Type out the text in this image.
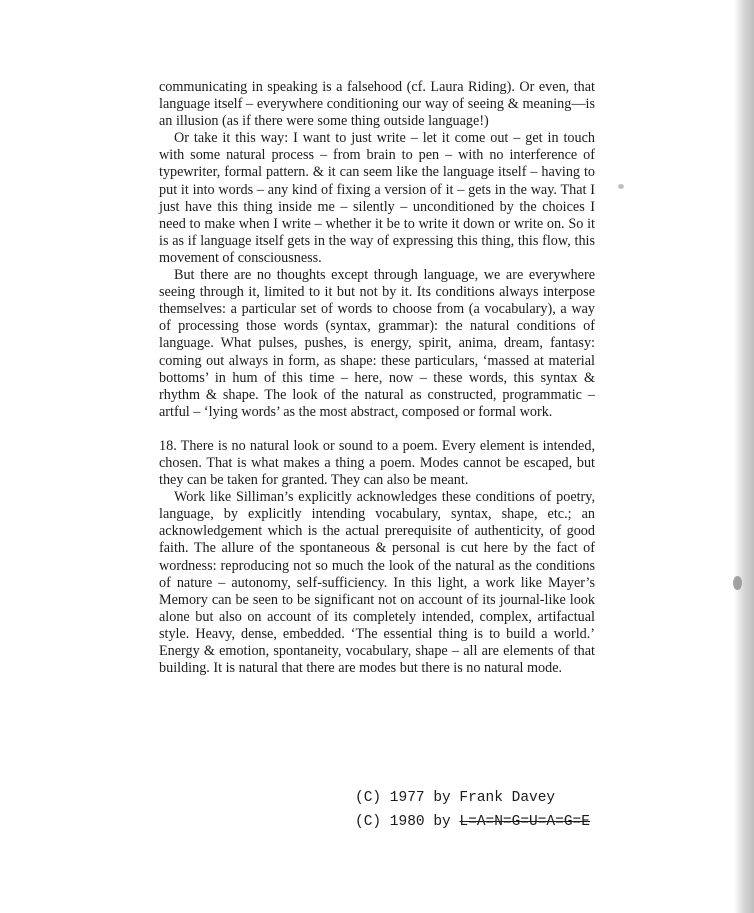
communicating in speaking is a falsehood (cf. Laura Riding). Or even, that language itself – everywhere conditioning our way of seeing & meaning—is an illusion (as if there were some thing outside language!)

Or take it this way: I want to just write – let it come out – get in touch with some natural process – from brain to pen – with no interference of typewriter, formal pattern. & it can seem like the language itself – having to put it into words – any kind of fixing a version of it – gets in the way. That I just have this thing inside me – silently – unconditioned by the choices I need to make when I write – whether it be to write it down or write on. So it is as if language itself gets in the way of expressing this thing, this flow, this movement of consciousness.

But there are no thoughts except through language, we are everywhere seeing through it, limited to it but not by it. Its conditions always interpose themselves: a particular set of words to choose from (a vocabulary), a way of processing those words (syntax, grammar): the natural conditions of language. What pulses, pushes, is energy, spirit, anima, dream, fantasy: coming out always in form, as shape: these particulars, ‘massed at material bottoms’ in hum of this time – here, now – these words, this syntax & rhythm & shape. The look of the natural as constructed, programmatic – artful – ‘lying words’ as the most abstract, composed or formal work.

18. There is no natural look or sound to a poem. Every element is intended, chosen. That is what makes a thing a poem. Modes cannot be escaped, but they can be taken for granted. They can also be meant.

Work like Silliman’s explicitly acknowledges these conditions of poetry, language, by explicitly intending vocabulary, syntax, shape, etc.; an acknowledgement which is the actual prerequisite of authenticity, of good faith. The allure of the spontaneous & personal is cut here by the fact of wordness: reproducing not so much the look of the natural as the conditions of nature – autonomy, self-sufficiency. In this light, a work like Mayer’s Memory can be seen to be significant not on account of its journal-like look alone but also on account of its completely intended, complex, artifactual style. Heavy, dense, embedded. ‘The essential thing is to build a world.’ Energy & emotion, spontaneity, vocabulary, shape – all are elements of that building. It is natural that there are modes but there is no natural mode.

(C) 1977 by Frank Davey
(C) 1980 by L=A=N=G=U=A=G=E
